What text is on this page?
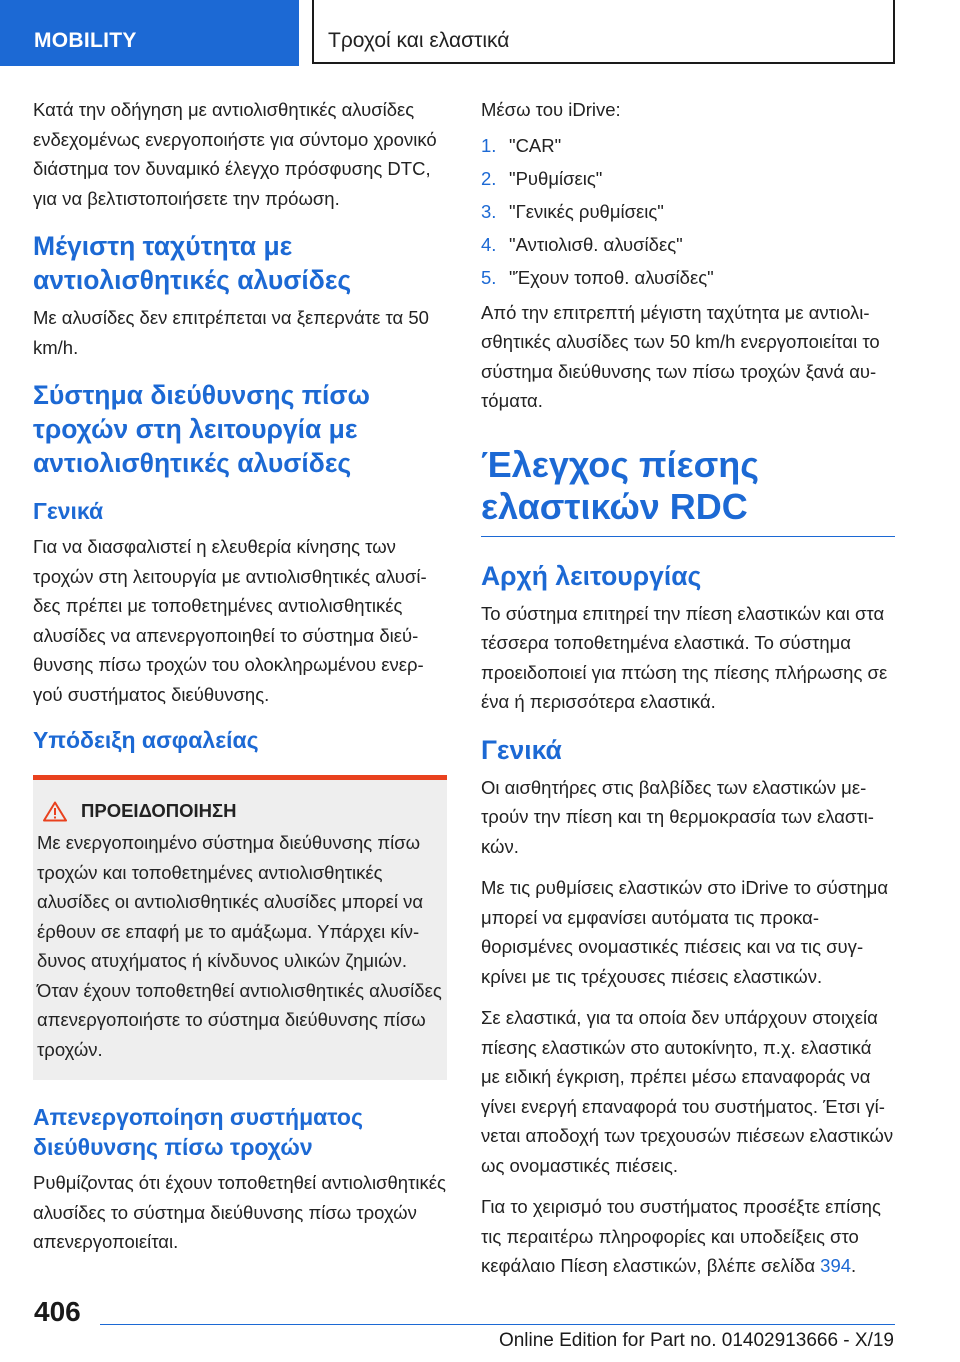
MOBILITY	Τροχοί και ελαστικά

Κατά την οδήγηση με αντιολισθητικές αλυσίδες ενδεχομένως ενεργοποιήστε για σύντομο χρονικό διάστημα τον δυναμικό έλεγχο πρόσφυσης DTC, για να βελτιστοποιήσετε την πρόωση.

Μέγιστη ταχύτητα με αντιολισθητικές αλυσίδες

Με αλυσίδες δεν επιτρέπεται να ξεπερνάτε τα 50 km/h.

Σύστημα διεύθυνσης πίσω τροχών στη λειτουργία με αντιολισθητικές αλυσίδες
Γενικά

Για να διασφαλιστεί η ελευθερία κίνησης των τροχών στη λειτουργία με αντιολισθητικές αλυσίδες πρέπει με τοποθετημένες αντιολισθητικές αλυσίδες να απενεργοποιηθεί το σύστημα διεύθυνσης πίσω τροχών του ολοκληρωμένου ενεργού συστήματος διεύθυνσης.

Υπόδειξη ασφαλείας
ΠΡΟΕΙΔΟΠΟΙΗΣΗ

Με ενεργοποιημένο σύστημα διεύθυνσης πίσω τροχών και τοποθετημένες αντιολισθητικές αλυσίδες οι αντιολισθητικές αλυσίδες μπορεί να έρθουν σε επαφή με το αμάξωμα. Υπάρχει κίνδυνος ατυχήματος ή κίνδυνος υλικών ζημιών. Όταν έχουν τοποθετηθεί αντιολισθητικές αλυσίδες απενεργοποιήστε το σύστημα διεύθυνσης πίσω τροχών.

Απενεργοποίηση συστήματος διεύθυνσης πίσω τροχών

Ρυθμίζοντας ότι έχουν τοποθετηθεί αντιολισθητικές αλυσίδες το σύστημα διεύθυνσης πίσω τροχών απενεργοποιείται.

Μέσω του iDrive:

1. "CAR"
2. "Ρυθμίσεις"
3. "Γενικές ρυθμίσεις"
4. "Αντιολισθ. αλυσίδες"
5. "Έχουν τοποθ. αλυσίδες"

Από την επιτρεπτή μέγιστη ταχύτητα με αντιολισθητικές αλυσίδες των 50 km/h ενεργοποιείται το σύστημα διεύθυνσης των πίσω τροχών ξανά αυτόματα.

Έλεγχος πίεσης ελαστικών RDC
Αρχή λειτουργίας

Το σύστημα επιτηρεί την πίεση ελαστικών και στα τέσσερα τοποθετημένα ελαστικά. Το σύστημα προειδοποιεί για πτώση της πίεσης πλήρωσης σε ένα ή περισσότερα ελαστικά.

Γενικά

Οι αισθητήρες στις βαλβίδες των ελαστικών μετρούν την πίεση και τη θερμοκρασία των ελαστικών.

Με τις ρυθμίσεις ελαστικών στο iDrive το σύστημα μπορεί να εμφανίσει αυτόματα τις προκαθορισμένες ονομαστικές πιέσεις και να τις συγκρίνει με τις τρέχουσες πιέσεις ελαστικών.

Σε ελαστικά, για τα οποία δεν υπάρχουν στοιχεία πίεσης ελαστικών στο αυτοκίνητο, π.χ. ελαστικά με ειδική έγκριση, πρέπει μέσω επαναφοράς να γίνει ενεργή επαναφορά του συστήματος. Έτσι γίνεται αποδοχή των τρεχουσών πιέσεων ελαστικών ως ονομαστικές πιέσεις.

Για το χειρισμό του συστήματος προσέξτε επίσης τις περαιτέρω πληροφορίες και υποδείξεις στο κεφάλαιο Πίεση ελαστικών, βλέπε σελίδα 394.

406
Online Edition for Part no. 01402913666 - X/19
